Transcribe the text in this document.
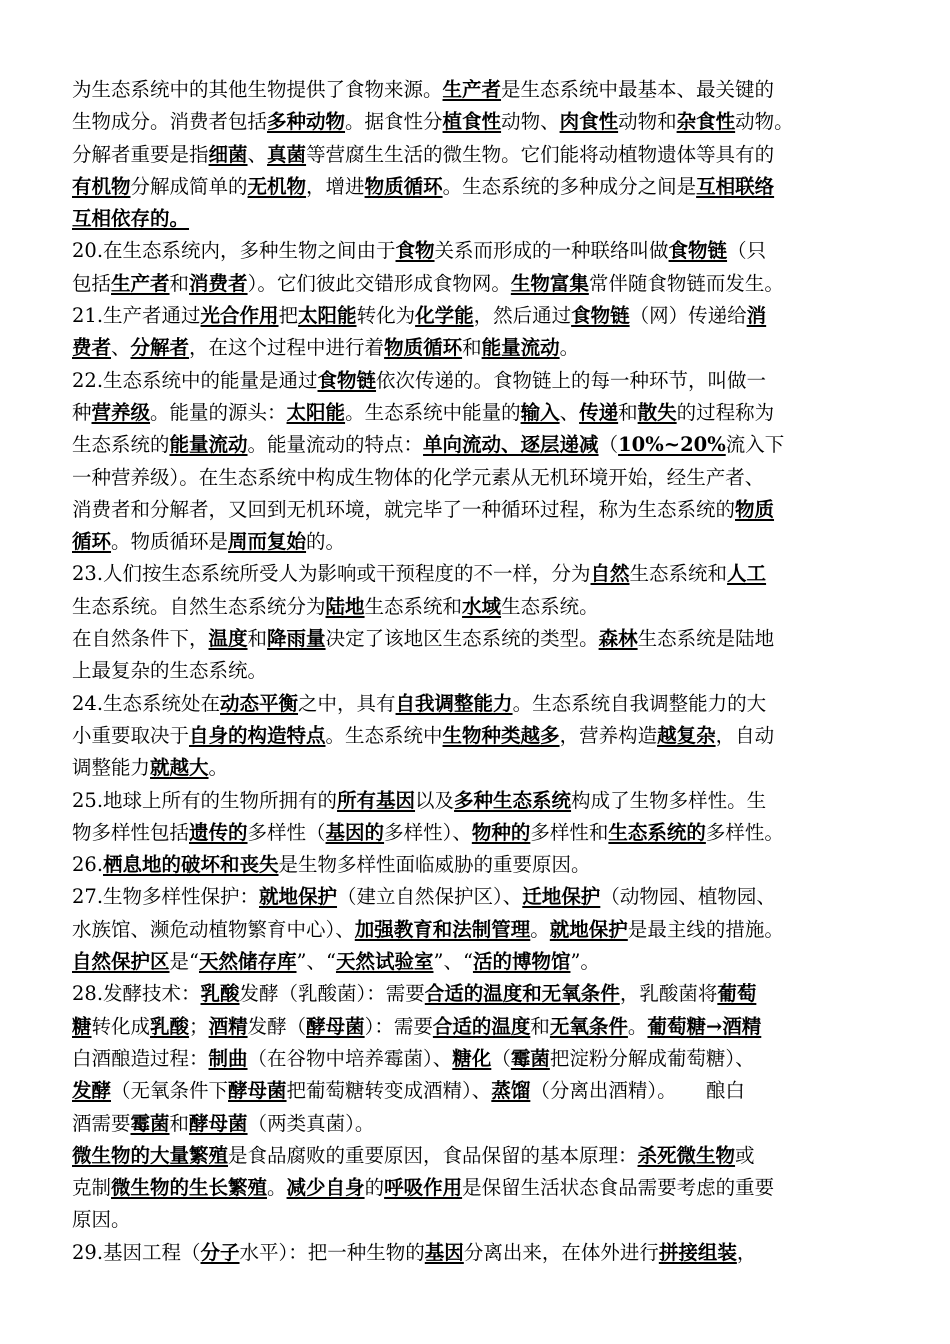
为生态系统中的其他生物提供了食物来源。生产者是生态系统中最基本、最关键的
生物成分。消费者包括多种动物。据食性分植食性动物、肉食性动物和杂食性动物。
分解者重要是指细菌、真菌等营腐生生活的微生物。它们能将动植物遗体等具有的
有机物分解成简单的无机物，增进物质循环。生态系统的多种成分之间是互相联络
互相依存的。
20.在生态系统内，多种生物之间由于食物关系而形成的一种联络叫做食物链（只
包括生产者和消费者）。它们彼此交错形成食物网。生物富集常伴随食物链而发生。
21.生产者通过光合作用把太阳能转化为化学能，然后通过食物链（网）传递给消
费者、分解者，在这个过程中进行着物质循环和能量流动。
22.生态系统中的能量是通过食物链依次传递的。食物链上的每一种环节，叫做一
种营养级。能量的源头：太阳能。生态系统中能量的输入、传递和散失的过程称为
生态系统的能量流动。能量流动的特点：单向流动、逐层递减（10%~20%流入下
一种营养级）。在生态系统中构成生物体的化学元素从无机环境开始，经生产者、
消费者和分解者，又回到无机环境，就完毕了一种循环过程，称为生态系统的物质
循环。物质循环是周而复始的。
23.人们按生态系统所受人为影响或干预程度的不一样，分为自然生态系统和人工
生态系统。自然生态系统分为陆地生态系统和水域生态系统。
在自然条件下，温度和降雨量决定了该地区生态系统的类型。森林生态系统是陆地
上最复杂的生态系统。
24.生态系统处在动态平衡之中，具有自我调整能力。生态系统自我调整能力的大
小重要取决于自身的构造特点。生态系统中生物种类越多，营养构造越复杂，自动
调整能力就越大。
25.地球上所有的生物所拥有的所有基因以及多种生态系统构成了生物多样性。生
物多样性包括遗传的多样性（基因的多样性）、物种的多样性和生态系统的多样性。
26.栖息地的破坏和丧失是生物多样性面临威胁的重要原因。
27.生物多样性保护：就地保护（建立自然保护区）、迁地保护（动物园、植物园、
水族馆、濒危动植物繁育中心）、加强教育和法制管理。就地保护是最主线的措施。
自然保护区是“天然储存库”、“天然试验室”、“活的博物馆”。
28.发酵技术：乳酸发酵（乳酸菌）：需要合适的温度和无氧条件，乳酸菌将葡萄
糖转化成乳酸；酒精发酵（酵母菌）：需要合适的温度和无氧条件。葡萄糖→酒精
白酒酿造过程：制曲（在谷物中培养霉菌）、糖化（霉菌把淀粉分解成葡萄糖）、
发酵（无氧条件下酵母菌把葡萄糖转变成酒精）、蒸馏（分离出酒精）。　　酿白
酒需要霉菌和酵母菌（两类真菌）。
微生物的大量繁殖是食品腐败的重要原因，食品保留的基本原理：杀死微生物或
克制微生物的生长繁殖。减少自身的呼吸作用是保留生活状态食品需要考虑的重要
原因。
29.基因工程（分子水平）：把一种生物的基因分离出来，在体外进行拼接组装，
